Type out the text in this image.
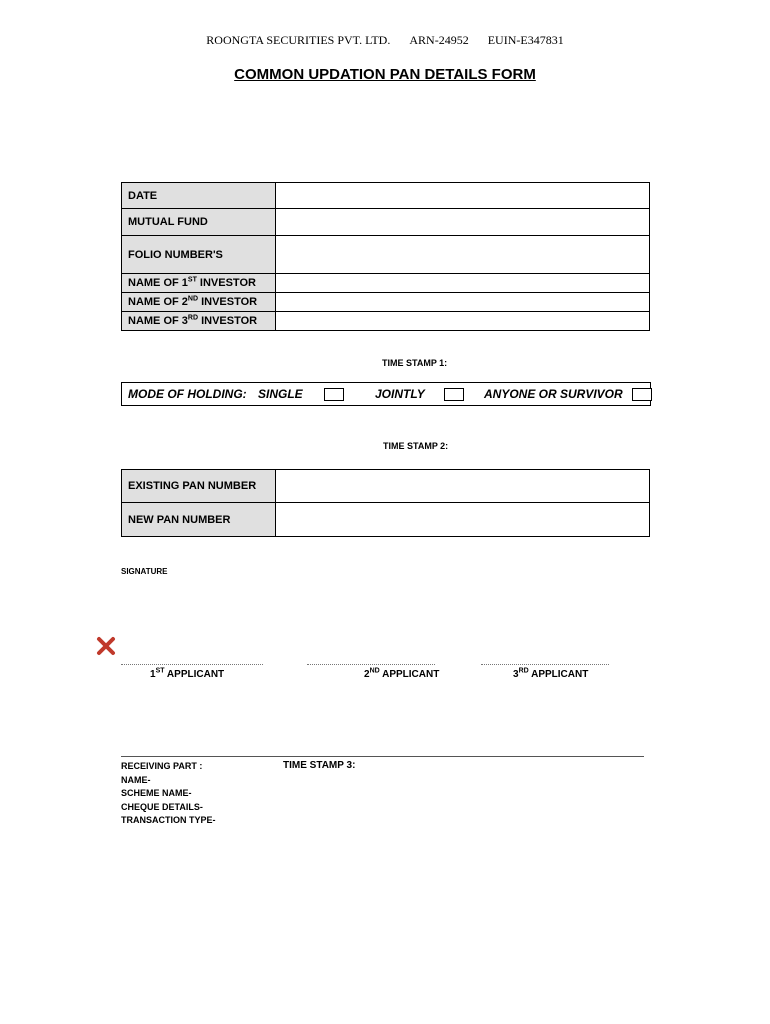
ROONGTA SECURITIES PVT. LTD. ARN-24952 EUIN-E347831
COMMON UPDATION PAN DETAILS FORM
DATE	
MUTUAL FUND	
FOLIO NUMBER'S	
NAME OF 1ST INVESTOR	
NAME OF 2ND INVESTOR	
NAME OF 3RD INVESTOR	
TIME STAMP 1:
MODE OF HOLDING: SINGLE	JOINTLY	ANYONE OR SURVIVOR
TIME STAMP 2:
EXISTING PAN NUMBER	
NEW PAN NUMBER	
SIGNATURE
1ST APPLICANT	2ND APPLICANT	3RD APPLICANT
RECEIVING PART :
NAME-
SCHEME NAME-
CHEQUE DETAILS-
TRANSACTION TYPE-
TIME STAMP 3:
